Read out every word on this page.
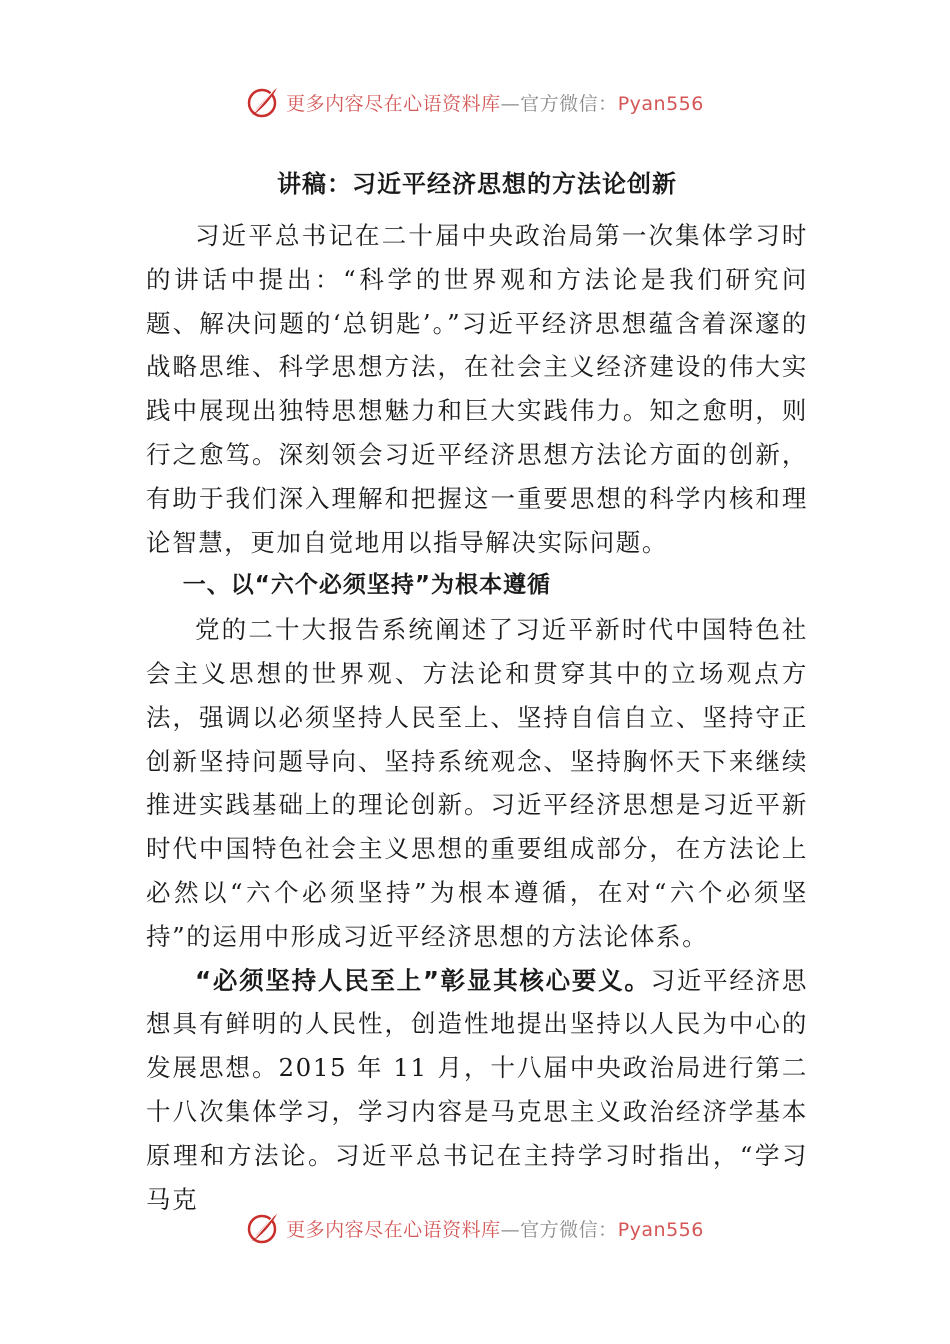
更多内容尽在心语资料库—官方微信：Pyan556
讲稿：习近平经济思想的方法论创新

习近平总书记在二十届中央政治局第一次集体学习时的讲话中提出：“科学的世界观和方法论是我们研究问题、解决问题的‘总钥匙’。”习近平经济思想蕴含着深邃的战略思维、科学思想方法，在社会主义经济建设的伟大实践中展现出独特思想魅力和巨大实践伟力。知之愈明，则行之愈笃。深刻领会习近平经济思想方法论方面的创新，有助于我们深入理解和把握这一重要思想的科学内核和理论智慧，更加自觉地用以指导解决实际问题。

一、以“六个必须坚持”为根本遵循

党的二十大报告系统阐述了习近平新时代中国特色社会主义思想的世界观、方法论和贯穿其中的立场观点方法，强调以必须坚持人民至上、坚持自信自立、坚持守正创新坚持问题导向、坚持系统观念、坚持胸怀天下来继续推进实践基础上的理论创新。习近平经济思想是习近平新时代中国特色社会主义思想的重要组成部分，在方法论上必然以“六个必须坚持”为根本遵循，在对“六个必须坚持”的运用中形成习近平经济思想的方法论体系。

“必须坚持人民至上”彰显其核心要义。习近平经济思想具有鲜明的人民性，创造性地提出坚持以人民为中心的发展思想。2015 年 11 月，十八届中央政治局进行第二十八次集体学习，学习内容是马克思主义政治经济学基本原理和方法论。习近平总书记在主持学习时指出，“学习马克

更多内容尽在心语资料库—官方微信：Pyan556
